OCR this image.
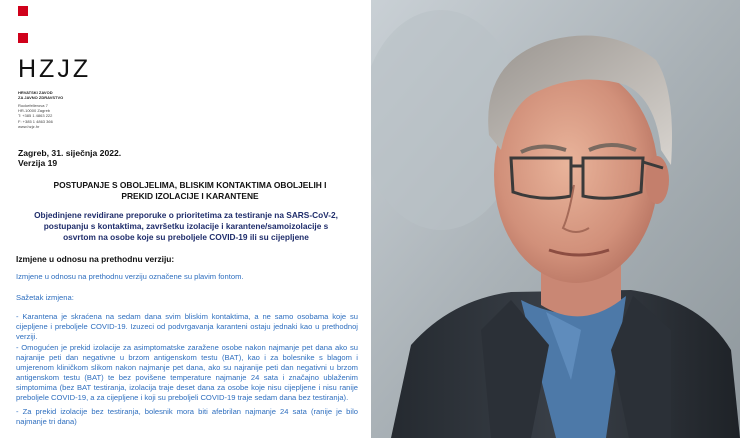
HZJZ
HRVATSKI ZAVOD
ZA JAVNO ZDRAVSTVO
Rockefellerova 7
HR-10000 Zagreb
T: +385 1 4863 222
F: +385 1 4863 366
www.hzjz.hr
Zagreb, 31. siječnja 2022.
Verzija 19
POSTUPANJE S OBOLJELIMA, BLISKIM KONTAKTIMA OBOLJELIH I PREKID IZOLACIJE I KARANTENE
Objedinjene revidirane preporuke o prioritetima za testiranje na SARS-CoV-2, postupanju s kontaktima, završetku izolacije i karantene/samoizolacije s osvrtom na osobe koje su preboljele COVID-19 ili su cijepljene
Izmjene u odnosu na prethodnu verziju:
Izmjene u odnosu na prethodnu verziju označene su plavim fontom.
Sažetak izmjena:
- Karantena je skraćena na sedam dana svim bliskim kontaktima, a ne samo osobama koje su cijepljene i preboljele COVID-19. Izuzeci od podvrgavanja karanteni ostaju jednaki kao u prethodnoj verziji.
- Omogućen je prekid izolacije za asimptomatske zaražene osobe nakon najmanje pet dana ako su najranije peti dan negativne u brzom antigenskom testu (BAT), kao i za bolesnike s blagom i umjerenom kliničkom slikom nakon najmanje pet dana, ako su najranije peti dan negativni u brzom antigenskom testu (BAT) te bez povišene temperature najmanje 24 sata i značajno ublaženim simptomima (bez BAT testiranja, izolacija traje deset dana za osobe koje nisu cijepljene i nisu ranije preboljele COVID-19, a za cijepljene i koji su preboljeli COVID-19 traje sedam dana bez testiranja).
- Za prekid izolacije bez testiranja, bolesnik mora biti afebrilan najmanje 24 sata (ranije je bilo najmanje tri dana)
